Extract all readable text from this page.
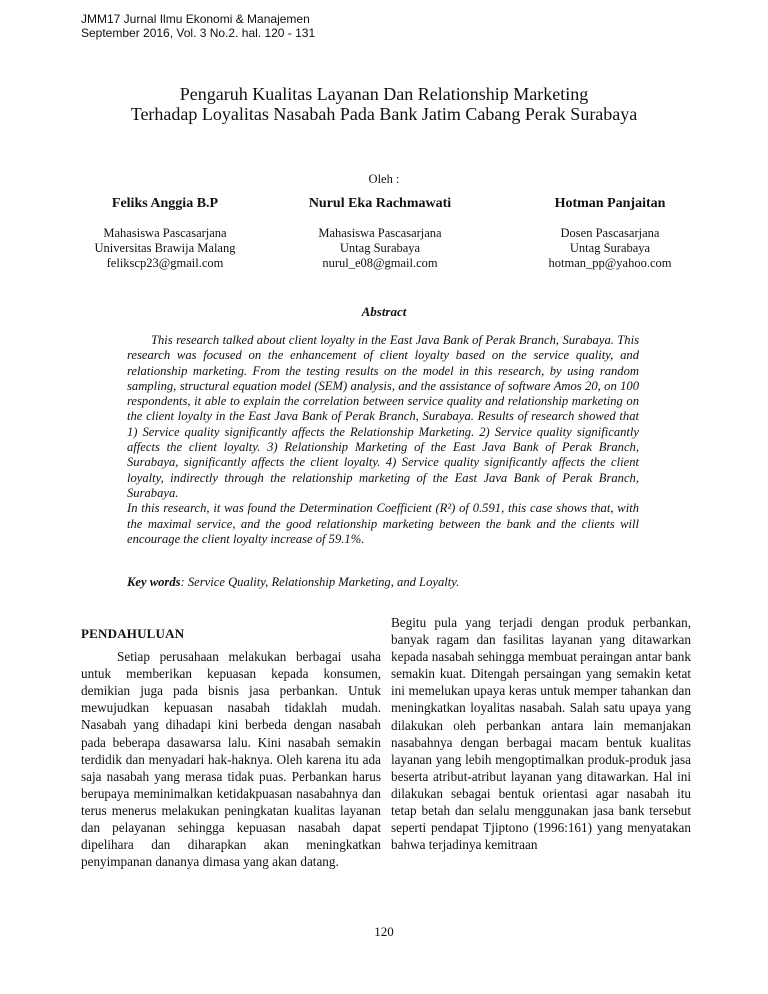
JMM17 Jurnal Ilmu Ekonomi & Manajemen
September 2016, Vol. 3 No.2. hal. 120 - 131
Pengaruh Kualitas Layanan Dan Relationship Marketing
Terhadap Loyalitas Nasabah Pada Bank Jatim Cabang Perak Surabaya
Oleh :
Feliks Anggia B.P
Mahasiswa Pascasarjana
Universitas Brawija Malang
felikscp23@gmail.com
Nurul Eka Rachmawati
Mahasiswa Pascasarjana
Untag Surabaya
nurul_e08@gmail.com
Hotman Panjaitan
Dosen Pascasarjana
Untag Surabaya
hotman_pp@yahoo.com
Abstract

This research talked about client loyalty in the East Java Bank of Perak Branch, Surabaya. This research was focused on the enhancement of client loyalty based on the service quality, and relationship marketing. From the testing results on the model in this research, by using random sampling, structural equation model (SEM) analysis, and the assistance of software Amos 20, on 100 respondents, it able to explain the correlation between service quality and relationship marketing on the client loyalty in the East Java Bank of Perak Branch, Surabaya. Results of research showed that 1) Service quality significantly affects the Relationship Marketing. 2) Service quality significantly affects the client loyalty. 3) Relationship Marketing of the East Java Bank of Perak Branch, Surabaya, significantly affects the client loyalty. 4) Service quality significantly affects the client loyalty, indirectly through the relationship marketing of the East Java Bank of Perak Branch, Surabaya.

In this research, it was found the Determination Coefficient (R²) of 0.591, this case shows that, with the maximal service, and the good relationship marketing between the bank and the clients will encourage the client loyalty increase of 59.1%.

Key words: Service Quality, Relationship Marketing, and Loyalty.
PENDAHULUAN

Setiap perusahaan melakukan berbagai usaha untuk memberikan kepuasan kepada konsumen, demikian juga pada bisnis jasa perbankan. Untuk mewujudkan kepuasan nasabah tidaklah mudah. Nasabah yang dihadapi kini berbeda dengan nasabah pada beberapa dasawarsa lalu. Kini nasabah semakin terdidik dan menyadari hak-haknya. Oleh karena itu ada saja nasabah yang merasa tidak puas. Perbankan harus berupaya meminimalkan ketidakpuasan nasabahnya dan terus menerus melakukan peningkatan kualitas layanan dan pelayanan sehingga kepuasan nasabah dapat dipelihara dan diharapkan akan meningkatkan penyimpanan dananya dimasa yang akan datang.

Begitu pula yang terjadi dengan produk perbankan, banyak ragam dan fasilitas layanan yang ditawarkan kepada nasabah sehingga membuat peraingan antar bank semakin kuat. Ditengah persaingan yang semakin ketat ini memelukan upaya keras untuk memper tahankan dan meningkatkan loyalitas nasabah. Salah satu upaya yang dilakukan oleh perbankan antara lain memanjakan nasabahnya dengan berbagai macam bentuk kualitas layanan yang lebih mengoptimalkan produk-produk jasa beserta atribut-atribut layanan yang ditawarkan. Hal ini dilakukan sebagai bentuk orientasi agar nasabah itu tetap betah dan selalu menggunakan jasa bank tersebut seperti pendapat Tjiptono (1996:161) yang menyatakan bahwa terjadinya kemitraan

120
